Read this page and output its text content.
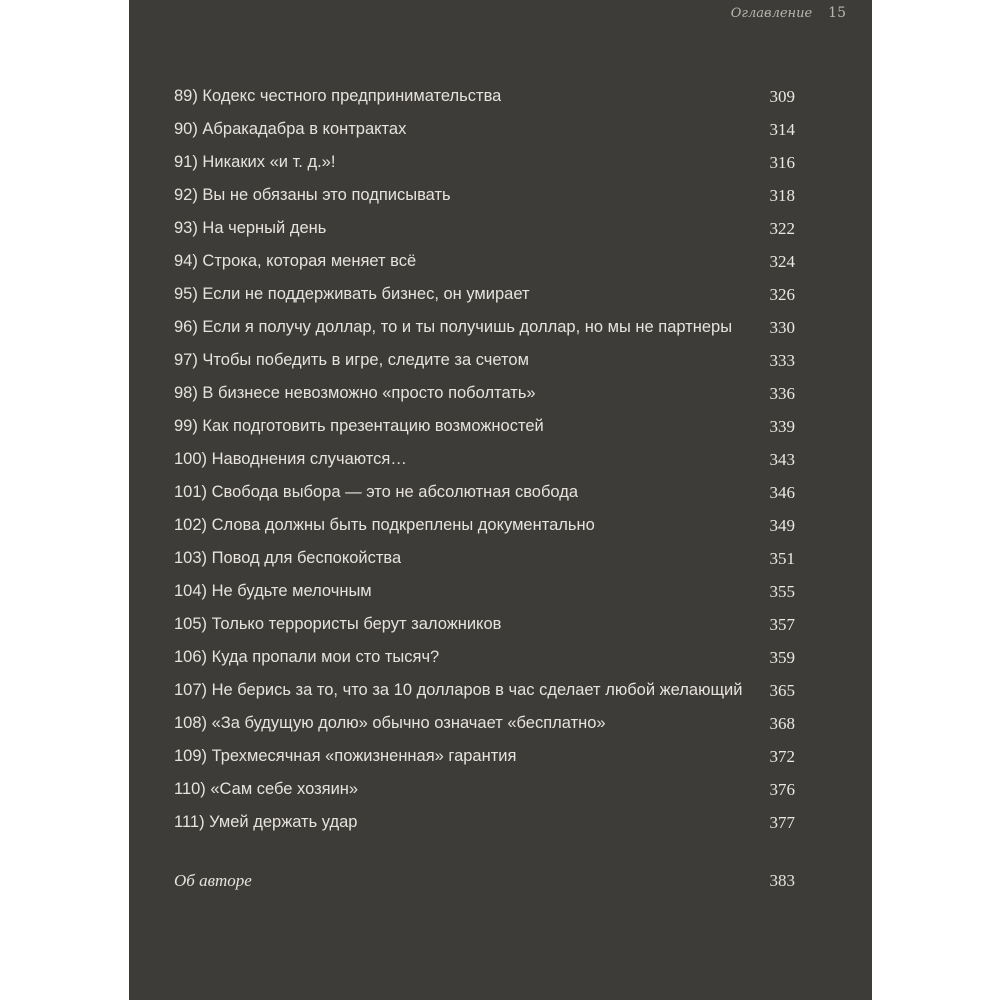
Оглавление 15
89) Кодекс честного предпринимательства	309
90) Абракадабра в контрактах	314
91) Никаких «и т. д.»!	316
92) Вы не обязаны это подписывать	318
93) На черный день	322
94) Строка, которая меняет всё	324
95) Если не поддерживать бизнес, он умирает	326
96) Если я получу доллар, то и ты получишь доллар, но мы не партнеры 330
97) Чтобы победить в игре, следите за счетом	333
98) В бизнесе невозможно «просто поболтать»	336
99) Как подготовить презентацию возможностей	339
100) Наводнения случаются…	343
101) Свобода выбора — это не абсолютная свобода	346
102) Слова должны быть подкреплены документально	349
103) Повод для беспокойства	351
104) Не будьте мелочным	355
105) Только террористы берут заложников	357
106) Куда пропали мои сто тысяч?	359
107) Не берись за то, что за 10 долларов в час сделает любой желающий 365
108) «За будущую долю» обычно означает «бесплатно»	368
109) Трехмесячная «пожизненная» гарантия	372
110) «Сам себе хозяин»	376
111) Умей держать удар	377
Об авторе	383
